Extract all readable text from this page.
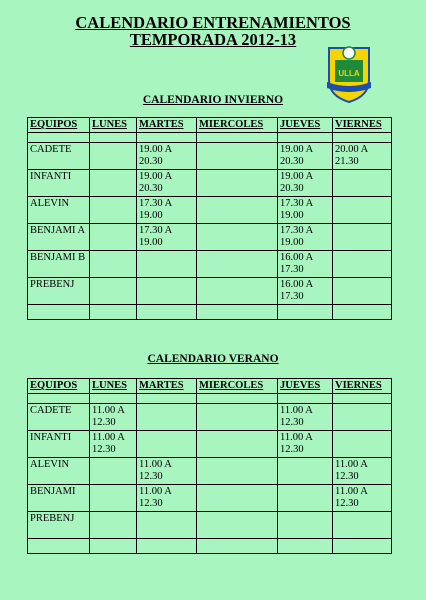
CALENDARIO ENTRENAMIENTOS
TEMPORADA 2012-13
ULLA
CALENDARIO INVIERNO
EQUIPOS	LUNES	MARTES	MIERCOLES	JUEVES	VIERNES

CADETE		19.00 A 20.30		19.00 A 20.30	20.00 A 21.30
INFANTI		19.00 A 20.30		19.00 A 20.30	
ALEVIN		17.30 A 19.00		17.30 A 19.00	
BENJAMI A		17.30 A 19.00		17.30 A 19.00	
BENJAMI B				16.00 A 17.30	
PREBENJ				16.00 A 17.30	

CALENDARIO VERANO
EQUIPOS	LUNES	MARTES	MIERCOLES	JUEVES	VIERNES

CADETE	11.00 A 12.30			11.00 A 12.30	
INFANTI	11.00 A 12.30			11.00 A 12.30	
ALEVIN		11.00 A 12.30			11.00 A 12.30
BENJAMI		11.00 A 12.30			11.00 A 12.30
PREBENJ					
